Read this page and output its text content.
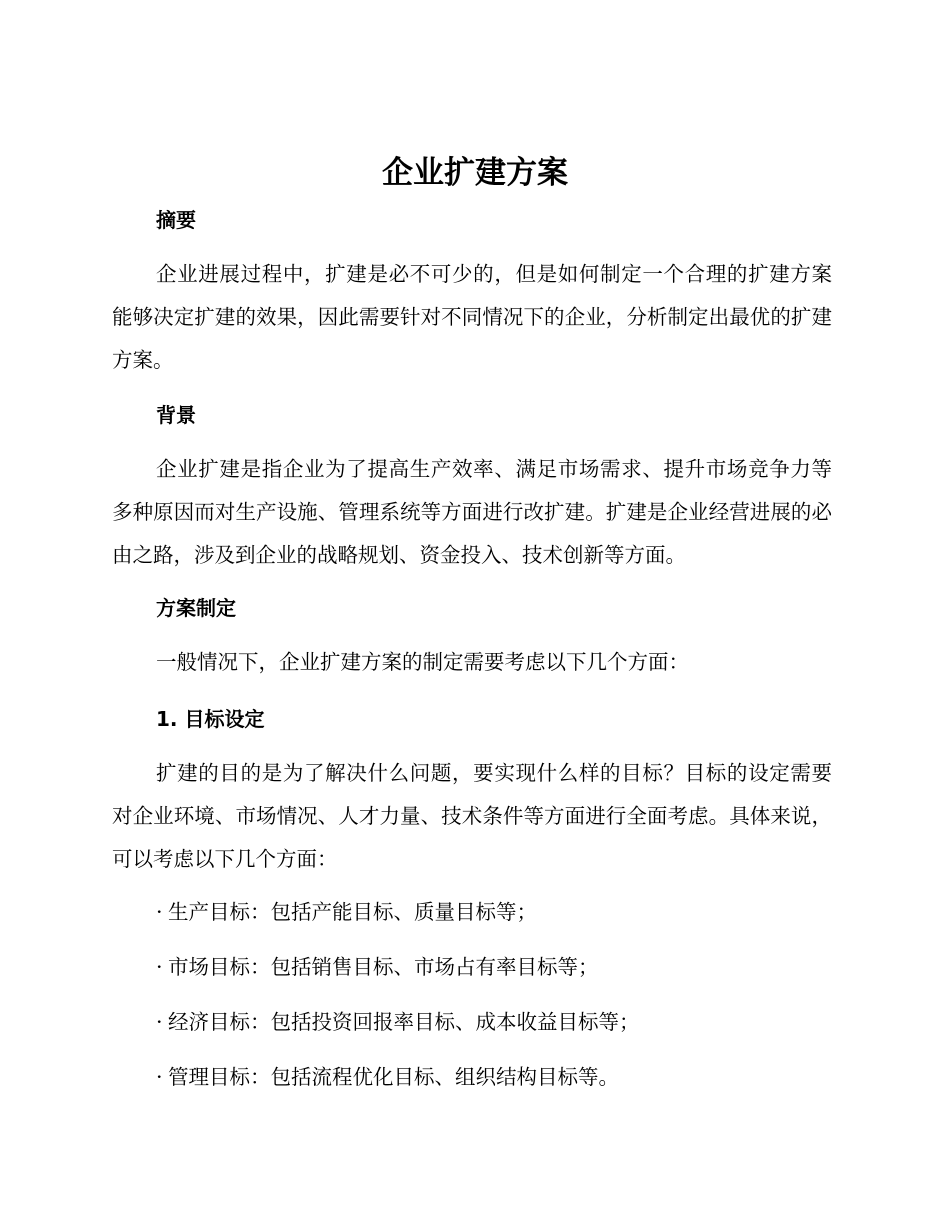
企业扩建方案
摘要

企业进展过程中，扩建是必不可少的，但是如何制定一个合理的扩建方案能够决定扩建的效果，因此需要针对不同情况下的企业，分析制定出最优的扩建方案。

背景

企业扩建是指企业为了提高生产效率、满足市场需求、提升市场竞争力等多种原因而对生产设施、管理系统等方面进行改扩建。扩建是企业经营进展的必由之路，涉及到企业的战略规划、资金投入、技术创新等方面。

方案制定

一般情况下，企业扩建方案的制定需要考虑以下几个方面：

1. 目标设定

扩建的目的是为了解决什么问题，要实现什么样的目标？目标的设定需要对企业环境、市场情况、人才力量、技术条件等方面进行全面考虑。具体来说，可以考虑以下几个方面：

· 生产目标：包括产能目标、质量目标等；

· 市场目标：包括销售目标、市场占有率目标等；

· 经济目标：包括投资回报率目标、成本收益目标等；

· 管理目标：包括流程优化目标、组织结构目标等。
